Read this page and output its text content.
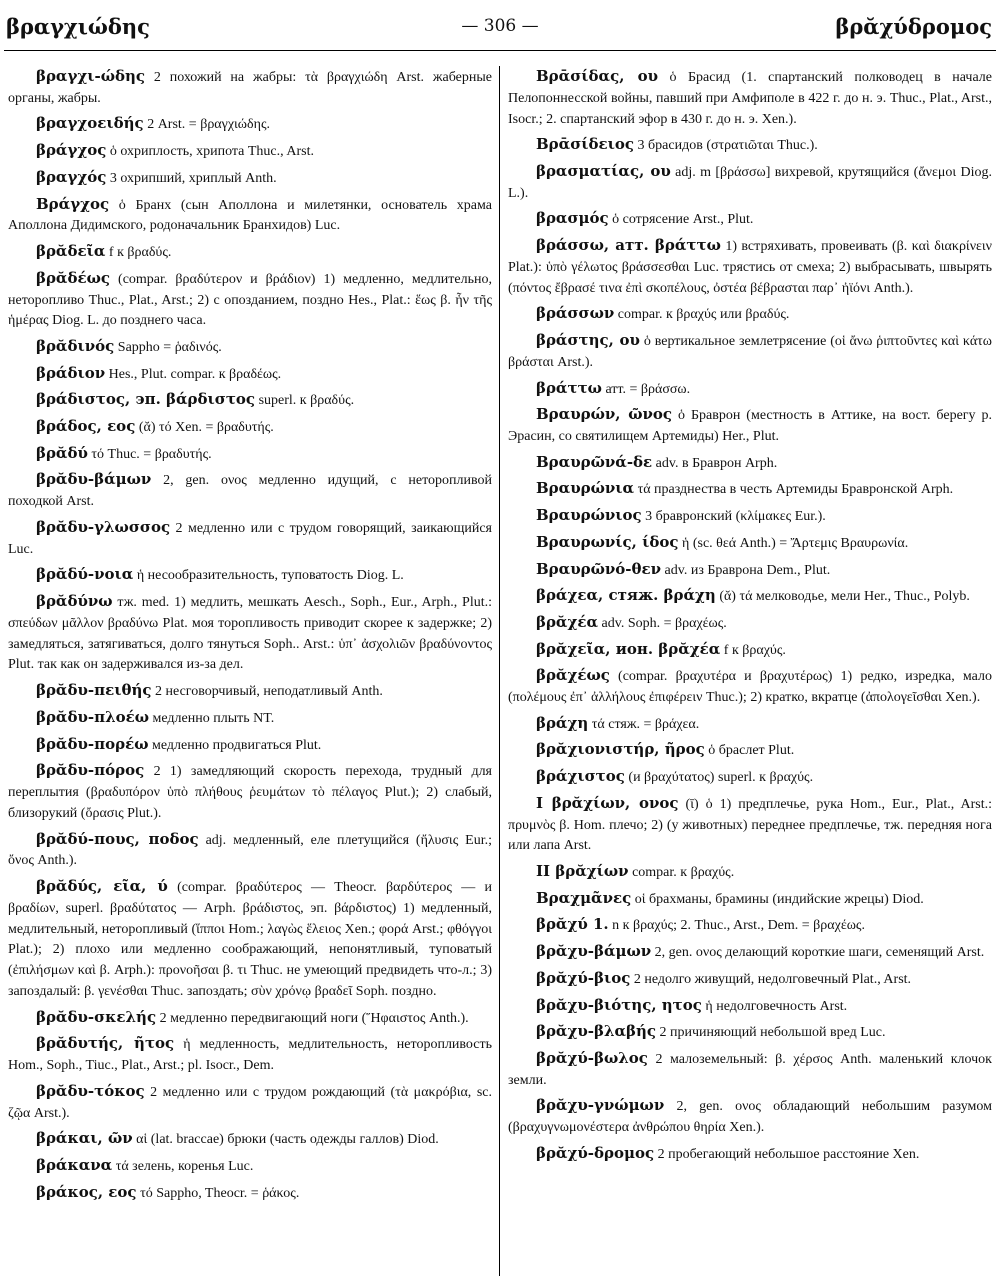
βραγχιώδης	— 306 —	βρᾰχύδρομος

βραγχι-ώδης 2 похожий на жабры: τὰ βραγχιώδη Arst. жаберные органы, жабры.

βραγχοειδής 2 Arst. = βραγχιώδης.

βράγχος ὁ охриплость, хрипота Thuc., Arst.

βραγχός 3 охрипший, хриплый Anth.

Βράγχος ὁ Бранх (сын Аполлона и милетянки, основатель храма Аполлона Дидимского, родоначальник Бранхидов) Luc.

βρᾰδεῖα f к βραδύς.

βρᾰδέως (compar. βραδύτερον и βράδιον) 1) медленно, медлительно, неторопливо Thuc., Plat., Arst.; 2) с опозданием, поздно Hes., Plat.: ἕως β. ἦν τῆς ἡμέρας Diog. L. до позднего часа.

βρᾰδινός Sappho = ῥαδινός.

βράδιον Hes., Plut. compar. к βραδέως.

βράδιστος, эп. βάρδιστος superl. к βραδύς.

βράδος, εος (ᾰ) τό Xen. = βραδυτής.

βρᾰδύ τό Thuc. = βραδυτής.

βρᾰδυ-βάμων 2, gen. ονος медленно идущий, с неторопливой походкой Arst.

βρᾰδυ-γλωσσος 2 медленно или с трудом говорящий, заикающийся Luc.

βρᾰδύ-νοια ἡ несообразительность, туповатость Diog. L.

βρᾰδύνω тж. med. 1) медлить, мешкать Aesch., Soph., Eur., Arph., Plut.: σπεύδων μᾶλλον βραδύνω Plat. моя торопливость приводит скорее к задержке; 2) замедляться, затягиваться, долго тянуться Soph.. Arst.: ὑπ᾽ ἀσχολιῶν βραδύνοντος Plut. так как он задерживался из-за дел.

βρᾰδυ-πειθής 2 несговорчивый, неподатливый Anth.

βρᾰδυ-πλοέω медленно плыть NT.

βρᾰδυ-πορέω медленно продвигаться Plut.

βρᾰδυ-πόρος 2 1) замедляющий скорость перехода, трудный для переплытия (βραδυπόρον ὑπὸ πλήθους ῥευμάτων τὸ πέλαγος Plut.); 2) слабый, близорукий (ὄρασις Plut.).

βρᾰδύ-πους, ποδος adj. медленный, еле плетущийся (ἤλυσις Eur.; ὄνος Anth.).

βρᾰδύς, εῖα, ύ (compar. βραδύτερος — Theocr. βαρδύτερος — и βραδίων, superl. βραδύτατος — Arph. βράδιστος, эп. βάρδιστος) 1) медленный, медлительный, неторопливый (ἵπποι Hom.; λαγὼς ἕλειος Xen.; φορά Arst.; φθόγγοι Plat.); 2) плохо или медленно соображающий, непонятливый, туповатый (ἐπιλήσμων καὶ β. Arph.): προνοῆσαι β. τι Thuc. не умеющий предвидеть что-л.; 3) запоздалый: β. γενέσθαι Thuc. запоздать; σὺν χρόνῳ βραδεῖ Soph. поздно.

βρᾰδυ-σκελής 2 медленно передвигающий ноги (Ἥφαιστος Anth.).

βρᾰδυτής, ῆτος ἡ медленность, медлительность, неторопливость Hom., Soph., Tiuc., Plat., Arst.; pl. Isocr., Dem.

βρᾰδυ-τόκος 2 медленно или с трудом рождающий (τὰ μακρόβια, sc. ζῷα Arst.).

βράκαι, ῶν αἱ (lat. braccae) брюки (часть одежды галлов) Diod.

βράκανα τά зелень, коренья Luc.

βράκος, εος τό Sappho, Theocr. = ῥάκος.

Βρᾱσίδας, ου ὁ Брасид (1. спартанский полководец в начале Пелопоннесской войны, павший при Амфиполе в 422 г. до н. э. Thuc., Plat., Arst., Isocr.; 2. спартанский эфор в 430 г. до н. э. Xen.).

Βρᾱσίδειος 3 брасидов (στρατιῶται Thuc.).

βρασματίας, ου adj. m [βράσσω] вихревой, крутящийся (ἄνεμοι Diog. L.).

βρασμός ὁ сотрясение Arst., Plut.

βράσσω, атт. βράττω 1) встряхивать, провеивать (β. καὶ διακρίνειν Plat.): ὑπὸ γέλωτος βράσσεσθαι Luc. трястись от смеха; 2) выбрасывать, швырять (πόντος ἔβρασέ τινα ἐπὶ σκοπέλους, ὀστέα βέβρασται παρ᾽ ἠϊόνι Anth.).

βράσσων compar. к βραχύς или βραδύς.

βράστης, ου ὁ вертикальное землетрясение (οἱ ἄνω ῥιπτοῦντες καὶ κάτω βράσται Arst.).

βράττω атт. = βράσσω.

Βραυρών, ῶνος ὁ Бравpон (местность в Аттике, на вост. берегу р. Эрасин, со святилищем Артемиды) Her., Plut.

Βραυρῶνά-δε adv. в Бравpон Arph.

Βραυρώνια τά празднества в честь Артемиды Бравронской Arph.

Βραυρώνιος 3 бравронский (κλίμακες Eur.).

Βραυρωνίς, ίδος ἡ (sc. θεά Anth.) = Ἄρτεμις Βραυρωνία.

Βραυρῶνό-θεν adv. из Бравpона Dem., Plut.

βράχεα, стяж. βράχη (ᾰ) τά мелководье, мели Her., Thuc., Polyb.

βρᾰχέα adv. Soph. = βραχέως.

βρᾰχεῖα, ион. βρᾰχέα f к βραχύς.

βρᾰχέως (compar. βραχυτέρα и βραχυτέρως) 1) редко, изредка, мало (πολέμους ἐπ᾽ ἀλλήλους ἐπιφέρειν Thuc.); 2) кратко, вкратце (ἀπολογεῖσθαι Xen.).

βράχη τά стяж. = βράχεα.

βρᾰχιονιστήρ, ῆρος ὁ браслет Plut.

βράχιστος (и βραχύτατος) superl. к βραχύς.

I βρᾰχίων, ονος (ῑ) ὁ 1) предплечье, рука Hom., Eur., Plat., Arst.: πρυμνὸς β. Hom. плечо; 2) (у животных) переднее предплечье, тж. передняя нога или лапа Arst.

II βρᾰχίων compar. к βραχύς.

Βραχμᾶνες οἱ брахманы, брамины (индийские жрецы) Diod.

βρᾰχύ 1. n к βραχύς; 2. Thuc., Arst., Dem. = βραχέως.

βρᾰχυ-βάμων 2, gen. ονος делающий короткие шаги, семенящий Arst.

βρᾰχύ-βιος 2 недолго живущий, недолговечный Plat., Arst.

βρᾰχυ-βιότης, ητος ἡ недолговечность Arst.

βρᾰχυ-βλαβής 2 причиняющий небольшой вред Luc.

βρᾰχύ-βωλος 2 малоземельный: β. χέρσος Anth. маленький клочок земли.

βρᾰχυ-γνώμων 2, gen. ονος обладающий небольшим разумом (βραχυγνωμονέστερα ἀνθρώπου θηρία Xen.).

βρᾰχύ-δρομος 2 пробегающий небольшое расстояние Xen.
